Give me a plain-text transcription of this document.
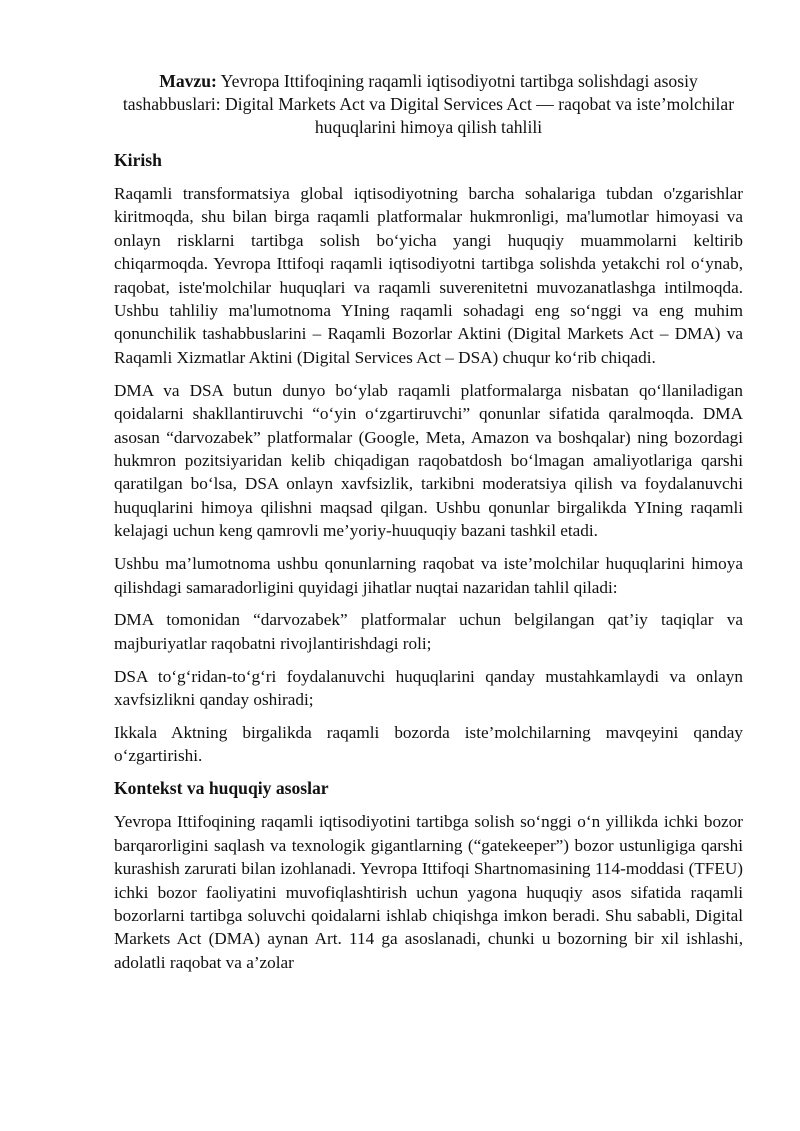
Mavzu: Yevropa Ittifoqining raqamli iqtisodiyotni tartibga solishdagi asosiy tashabbuslari: Digital Markets Act va Digital Services Act — raqobat va iste’molchilar huquqlarini himoya qilish tahlili
Kirish

Raqamli transformatsiya global iqtisodiyotning barcha sohalariga tubdan o'zgarishlar kiritmoqda, shu bilan birga raqamli platformalar hukmronligi, ma'lumotlar himoyasi va onlayn risklarni tartibga solish bo‘yicha yangi huquqiy muammolarni keltirib chiqarmoqda. Yevropa Ittifoqi raqamli iqtisodiyotni tartibga solishda yetakchi rol o‘ynab, raqobat, iste'molchilar huquqlari va raqamli suverenitetni muvozanatlashga intilmoqda. Ushbu tahliliy ma'lumotnoma YIning raqamli sohadagi eng so‘nggi va eng muhim qonunchilik tashabbuslarini – Raqamli Bozorlar Aktini (Digital Markets Act – DMA) va Raqamli Xizmatlar Aktini (Digital Services Act – DSA) chuqur ko‘rib chiqadi.

DMA va DSA butun dunyo bo‘ylab raqamli platformalarga nisbatan qo‘llaniladigan qoidalarni shakllantiruvchi “o‘yin o‘zgartiruvchi” qonunlar sifatida qaralmoqda. DMA asosan “darvozabek” platformalar (Google, Meta, Amazon va boshqalar) ning bozordagi hukmron pozitsiyaridan kelib chiqadigan raqobatdosh bo‘lmagan amaliyotlariga qarshi qaratilgan bo‘lsa, DSA onlayn xavfsizlik, tarkibni moderatsiya qilish va foydalanuvchi huquqlarini himoya qilishni maqsad qilgan. Ushbu qonunlar birgalikda YIning raqamli kelajagi uchun keng qamrovli me’yoriy-huuquqiy bazani tashkil etadi.

Ushbu ma’lumotnoma ushbu qonunlarning raqobat va iste’molchilar huquqlarini himoya qilishdagi samaradorligini quyidagi jihatlar nuqtai nazaridan tahlil qiladi:

DMA tomonidan “darvozabek” platformalar uchun belgilangan qat’iy taqiqlar va majburiyatlar raqobatni rivojlantirishdagi roli;

DSA to‘g‘ridan-to‘g‘ri foydalanuvchi huquqlarini qanday mustahkamlaydi va onlayn xavfsizlikni qanday oshiradi;

Ikkala Aktning birgalikda raqamli bozorda iste’molchilarning mavqeyini qanday o‘zgartirishi.

Kontekst va huquqiy asoslar

Yevropa Ittifoqining raqamli iqtisodiyotini tartibga solish so‘nggi o‘n yillikda ichki bozor barqarorligini saqlash va texnologik gigantlarning (“gatekeeper”) bozor ustunligiga qarshi kurashish zarurati bilan izohlanadi. Yevropa Ittifoqi Shartnomasining 114-moddasi (TFEU) ichki bozor faoliyatini muvofiqlashtirish uchun yagona huquqiy asos sifatida raqamli bozorlarni tartibga soluvchi qoidalarni ishlab chiqishga imkon beradi. Shu sababli, Digital Markets Act (DMA) aynan Art. 114 ga asoslanadi, chunki u bozorning bir xil ishlashi, adolatli raqobat va a’zolar
